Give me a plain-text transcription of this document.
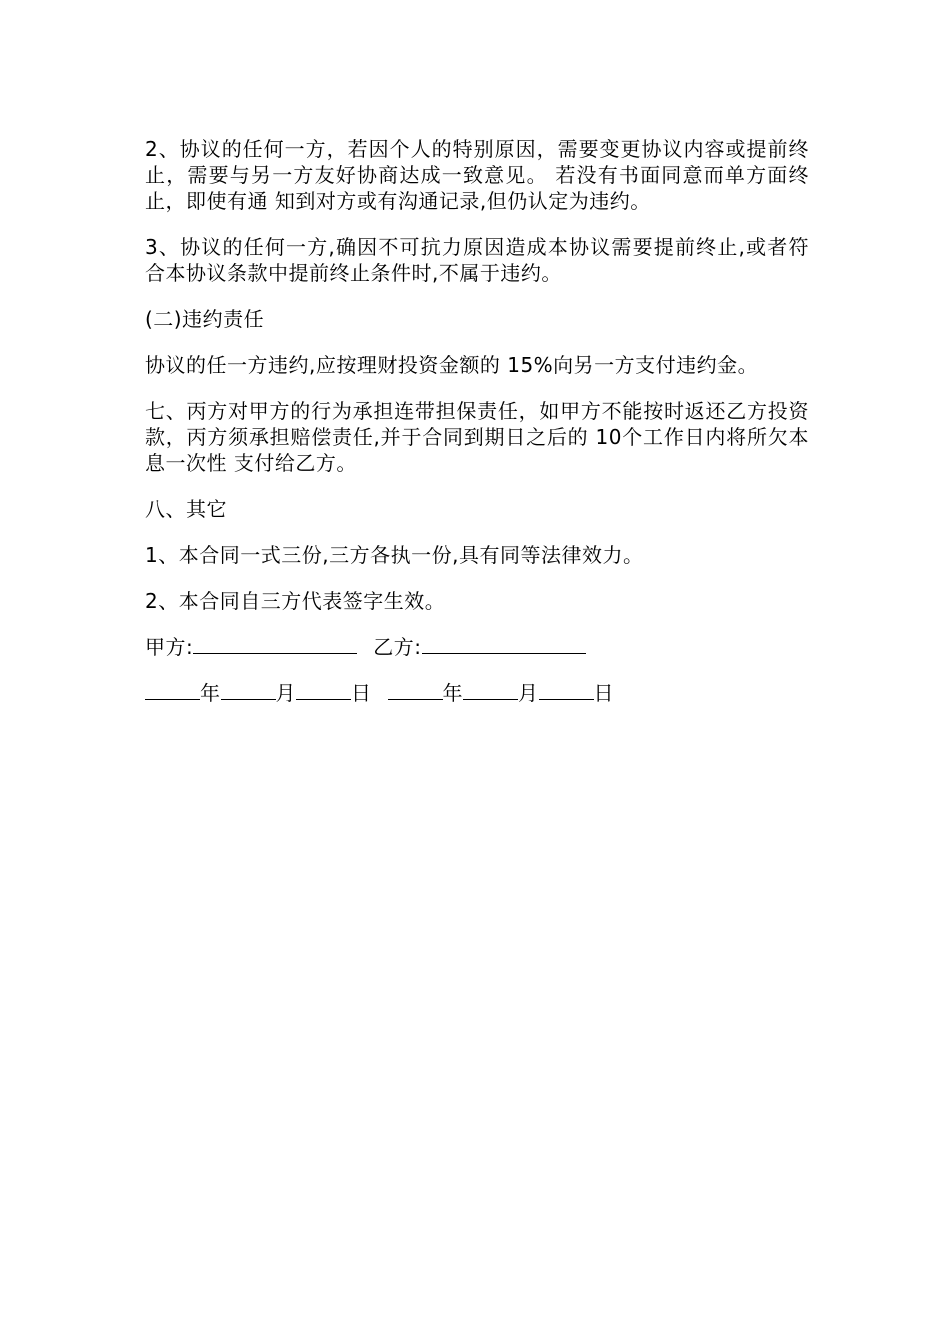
2、协议的任何一方，若因个人的特别原因，需要变更协议内容或提前终止，需要与另一方友好协商达成一致意见。 若没有书面同意而单方面终止，即使有通 知到对方或有沟通记录,但仍认定为违约。

3、协议的任何一方,确因不可抗力原因造成本协议需要提前终止,或者符 合本协议条款中提前终止条件时,不属于违约。

(二)违约责任

协议的任一方违约,应按理财投资金额的 15%向另一方支付违约金。

七、丙方对甲方的行为承担连带担保责任，如甲方不能按时返还乙方投资款，丙方须承担赔偿责任,并于合同到期日之后的 10个工作日内将所欠本息一次性 支付给乙方。

八、其它

1、本合同一式三份,三方各执一份,具有同等法律效力。

2、本合同自三方代表签字生效。

甲方:	乙方:
年	月	日	年	月	日
